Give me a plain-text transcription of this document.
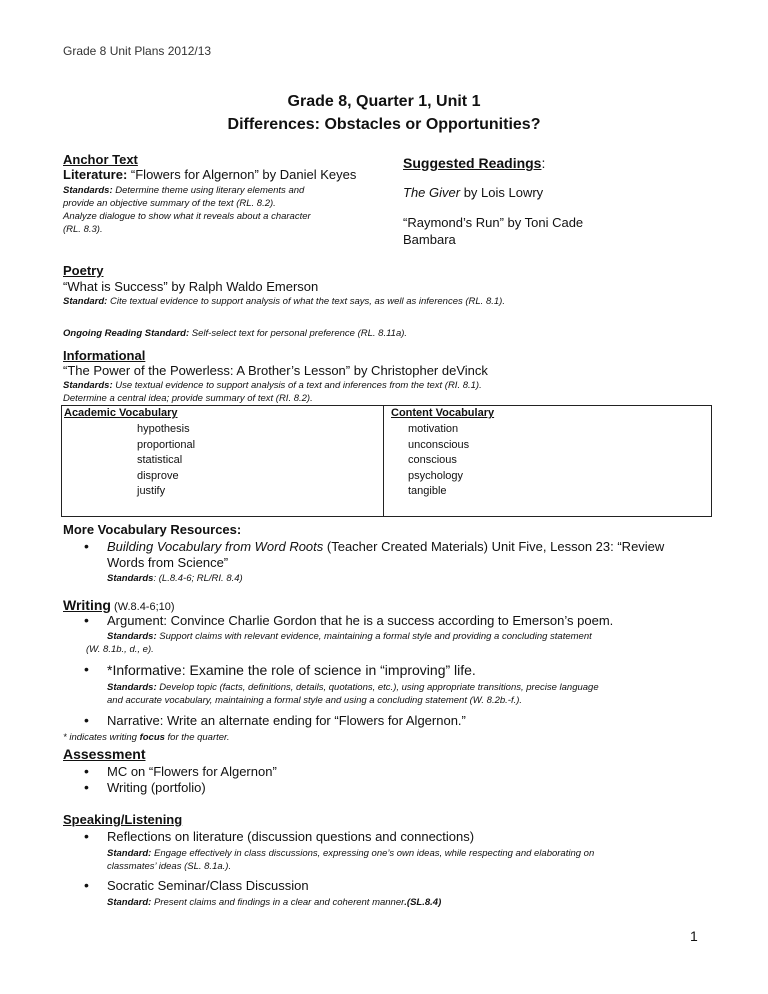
Grade 8 Unit Plans 2012/13
Grade 8, Quarter 1, Unit 1
Differences: Obstacles or Opportunities?
Anchor Text
Literature: “Flowers for Algernon” by Daniel Keyes
Standards: Determine theme using literary elements and
provide an objective summary of the text (RL. 8.2).
Analyze dialogue to show what it reveals about a character
(RL. 8.3).
Suggested Readings:
The Giver by Lois Lowry
“Raymond’s Run” by Toni Cade
Bambara
Poetry
“What is Success” by Ralph Waldo Emerson
Standard: Cite textual evidence to support analysis of what the text says, as well as inferences (RL. 8.1).
Ongoing Reading Standard: Self-select text for personal preference (RL. 8.11a).
Informational
“The Power of the Powerless: A Brother’s Lesson” by Christopher deVinck
Standards: Use textual evidence to support analysis of a text and inferences from the text (RI. 8.1).
Determine a central idea; provide summary of text (RI. 8.2).
Academic Vocabulary
hypothesis
proportional
statistical
disprove
justify
Content Vocabulary
motivation
unconscious
conscious
psychology
tangible
More Vocabulary Resources:
• Building Vocabulary from Word Roots (Teacher Created Materials) Unit Five, Lesson 23: “Review
Words from Science”
Standards: (L.8.4-6; RL/RI. 8.4)
Writing (W.8.4-6;10)
• Argument: Convince Charlie Gordon that he is a success according to Emerson’s poem.
Standards: Support claims with relevant evidence, maintaining a formal style and providing a concluding statement
(W. 8.1b., d., e).
• *Informative: Examine the role of science in “improving” life.
Standards: Develop topic (facts, definitions, details, quotations, etc.), using appropriate transitions, precise language
and accurate vocabulary, maintaining a formal style and using a concluding statement (W. 8.2b.-f.).
• Narrative: Write an alternate ending for “Flowers for Algernon.”
* indicates writing focus for the quarter.
Assessment
• MC on “Flowers for Algernon”
• Writing (portfolio)
Speaking/Listening
• Reflections on literature (discussion questions and connections)
Standard: Engage effectively in class discussions, expressing one’s own ideas, while respecting and elaborating on
classmates’ ideas (SL. 8.1a.).
• Socratic Seminar/Class Discussion
Standard: Present claims and findings in a clear and coherent manner.(SL.8.4)
1
